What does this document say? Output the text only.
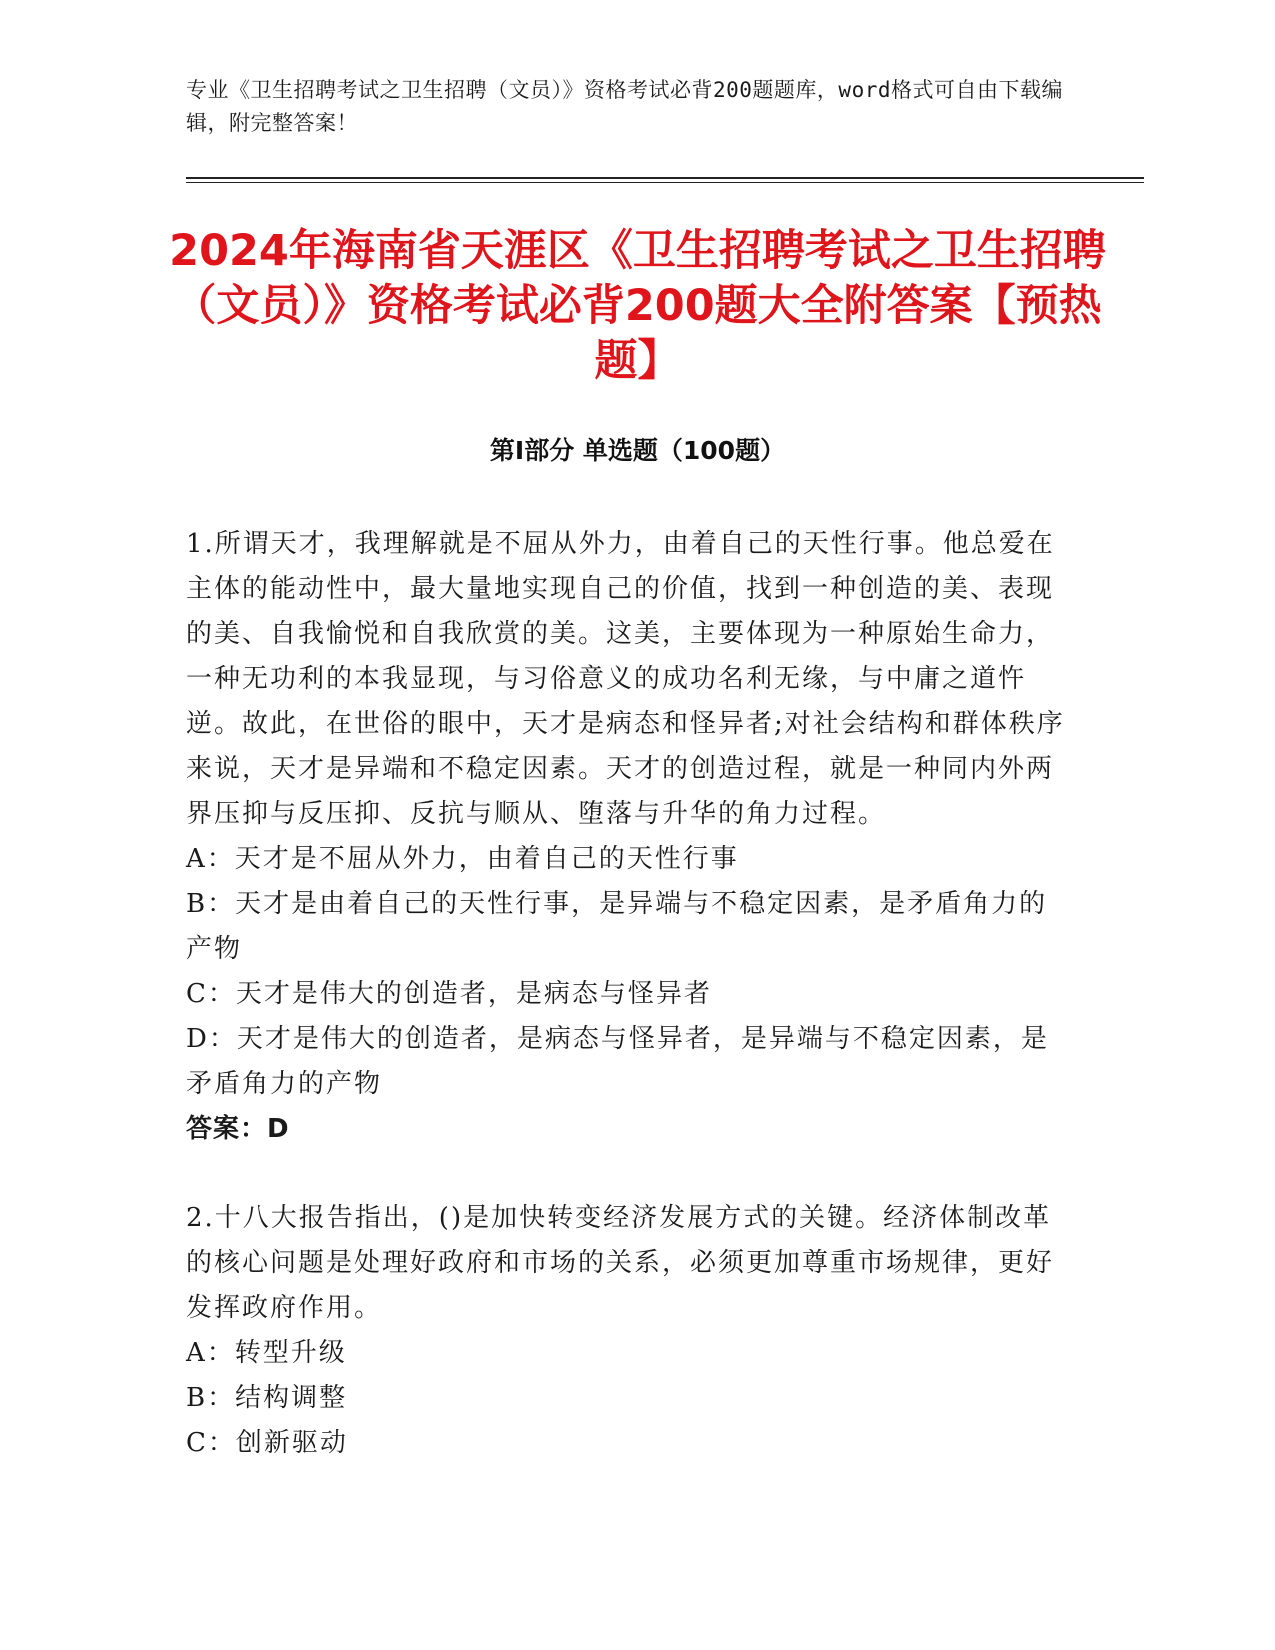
专业《卫生招聘考试之卫生招聘（文员）》资格考试必背200题题库，word格式可自由下载编辑，附完整答案！
2024年海南省天涯区《卫生招聘考试之卫生招聘（文员）》资格考试必背200题大全附答案【预热题】
第I部分 单选题（100题）

1.所谓天才，我理解就是不屈从外力，由着自己的天性行事。他总爱在主体的能动性中，最大量地实现自己的价值，找到一种创造的美、表现的美、自我愉悦和自我欣赏的美。这美，主要体现为一种原始生命力，一种无功利的本我显现，与习俗意义的成功名利无缘，与中庸之道忤逆。故此，在世俗的眼中，天才是病态和怪异者;对社会结构和群体秩序来说，天才是异端和不稳定因素。天才的创造过程，就是一种同内外两界压抑与反压抑、反抗与顺从、堕落与升华的角力过程。

A：天才是不屈从外力，由着自己的天性行事

B：天才是由着自己的天性行事，是异端与不稳定因素，是矛盾角力的产物

C：天才是伟大的创造者，是病态与怪异者

D：天才是伟大的创造者，是病态与怪异者，是异端与不稳定因素，是矛盾角力的产物

答案：D

2.十八大报告指出，()是加快转变经济发展方式的关键。经济体制改革的核心问题是处理好政府和市场的关系，必须更加尊重市场规律，更好发挥政府作用。

A：转型升级

B：结构调整

C：创新驱动
